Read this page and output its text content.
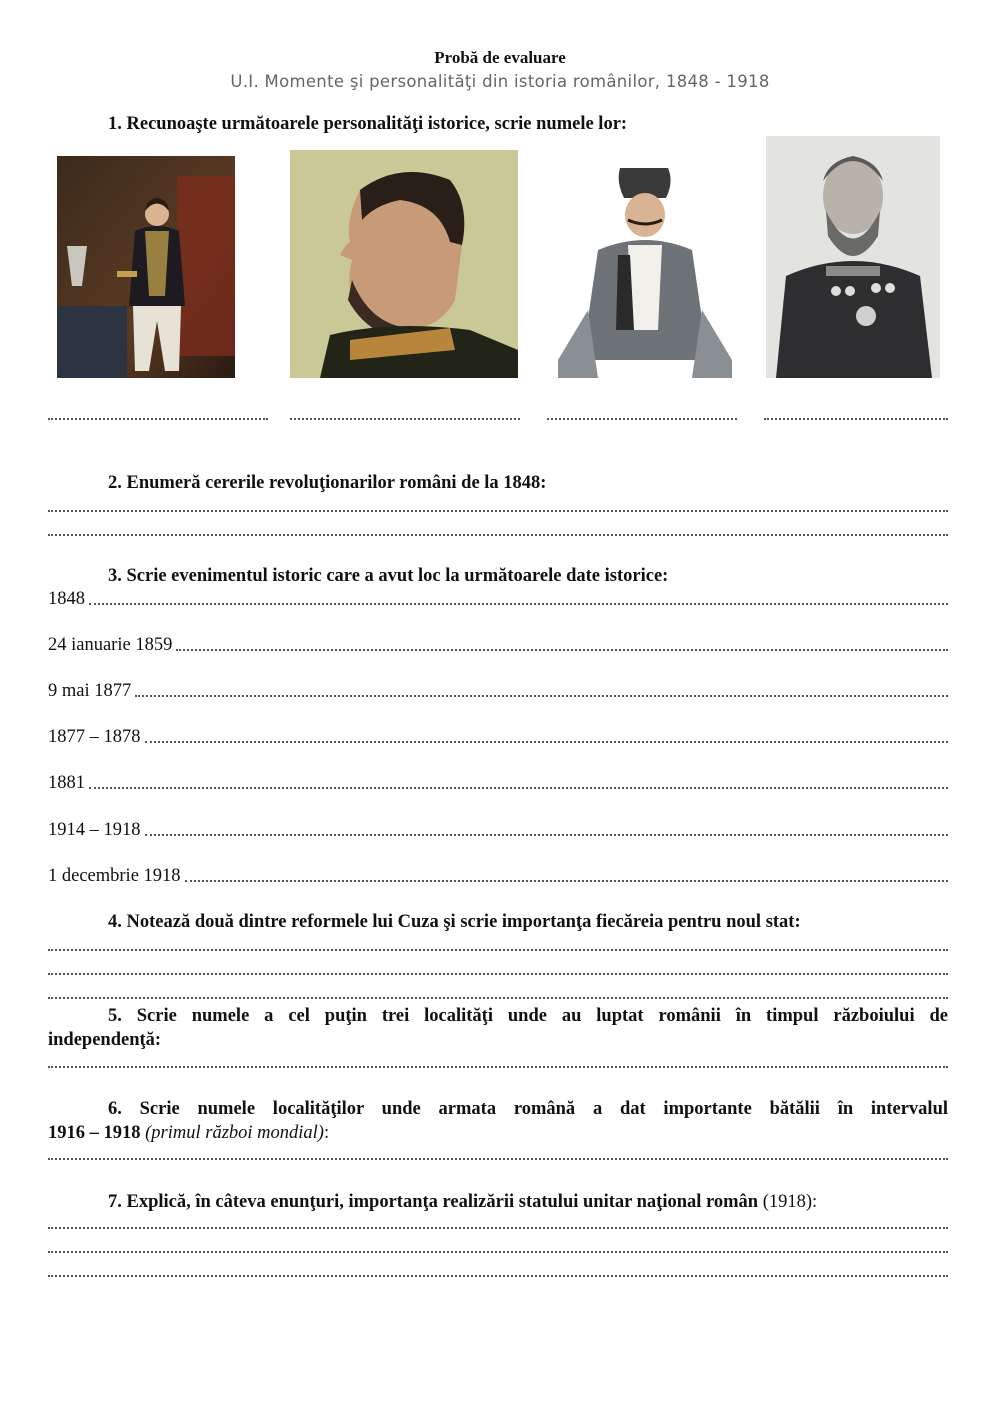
Probă de evaluare
U.I. Momente şi personalităţi din istoria românilor, 1848 - 1918
1. Recunoaşte următoarele personalităţi istorice, scrie numele lor:
2. Enumeră cererile revoluţionarilor români de la 1848:
3. Scrie evenimentul istoric care a avut loc la următoarele date istorice:
1848
24 ianuarie 1859
9 mai 1877
1877 – 1878
1881
1914 – 1918
1 decembrie 1918
4. Notează două dintre reformele lui Cuza şi scrie importanţa fiecăreia pentru noul stat:
5. Scrie numele a cel puţin trei localităţi unde au luptat românii în timpul războiului de
independenţă:
6. Scrie numele localităţilor unde armata română a dat importante bătălii în intervalul
1916 – 1918 (primul război mondial):
7. Explică, în câteva enunţuri, importanţa realizării statului unitar naţional român (1918):
